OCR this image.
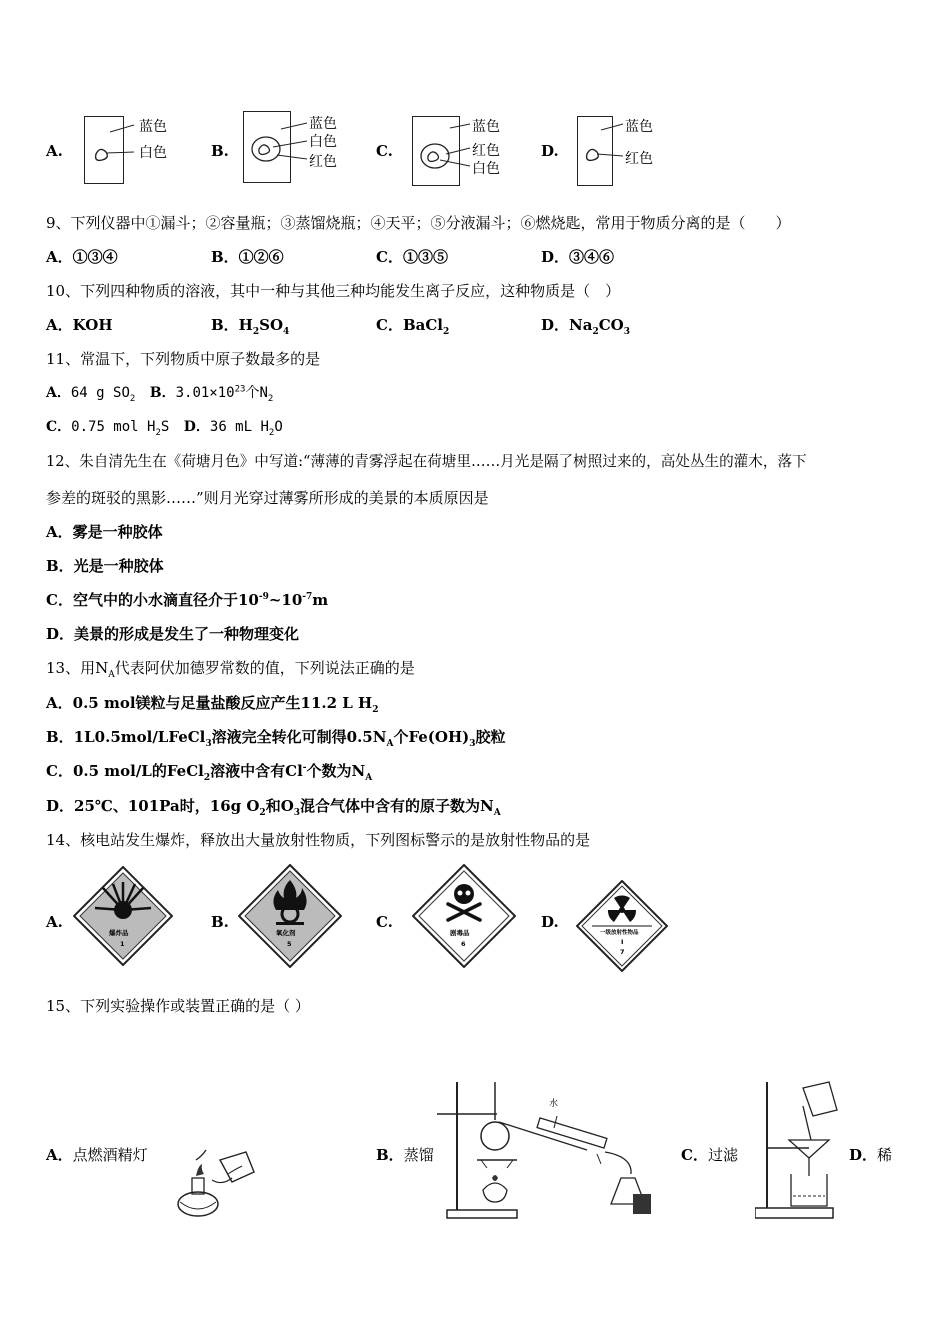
A.
蓝色
白色	B.
蓝色
白色
红色
C.
蓝色
红色
白色
D.
蓝色
红色
9、下列仪器中①漏斗；②容量瓶；③蒸馏烧瓶；④天平；⑤分液漏斗；⑥燃烧匙，常用于物质分离的是（　　）
A．①③④	B．①②⑥	C．①③⑤	D．③④⑥
10、下列四种物质的溶液，其中一种与其他三种均能发生离子反应，这种物质是（　）
A．KOH	B．$H_2SO_4$	C．BaCl$_2$	D．$Na_2CO_3$
11、常温下，下列物质中原子数最多的是
A．64 g $SO_2$ B．$3.01\times 10^{23}$个$N_2$
C．0.75 mol $H_2S$ D．36 mL $H_2O$
12、朱自清先生在《荷塘月色》中写道:“薄薄的青雾浮起在荷塘里……月光是隔了树照过来的，高处丛生的灌木，落下
参差的斑驳的黑影……”则月光穿过薄雾所形成的美景的本质原因是
A．雾是一种胶体
B．光是一种胶体
C．空气中的小水滴直径介于$10^{-9}\sim 10^{-7}m$
D．美景的形成是发生了一种物理变化
13、用$N_A$代表阿伏加德罗常数的值，下列说法正确的是
A．0.5 mol镁粒与足量盐酸反应产生11.2 L $H_2$
B．1L0.5mol/LFeCl$_3$溶液完全转化可制得$0.5N_A$个$Fe(OH)_3$胶粒
C．0.5 mol/L的FeCl$_2$溶液中含有Cl-个数为$N_A$
D．25℃、101Pa时，16g $O_2$和$O_3$混合气体中含有的原子数为$N_A$
14、核电站发生爆炸，释放出大量放射性物质，下列图标警示的是放射性物品的是
A.
爆炸品
1
B.
氧化剂
5
C.
剧毒品
6
D.
一级放射性物品
I
7
15、下列实验操作或装置正确的是（ ）
A．点燃酒精灯	B．蒸馏
水
C．过滤	D．稀
